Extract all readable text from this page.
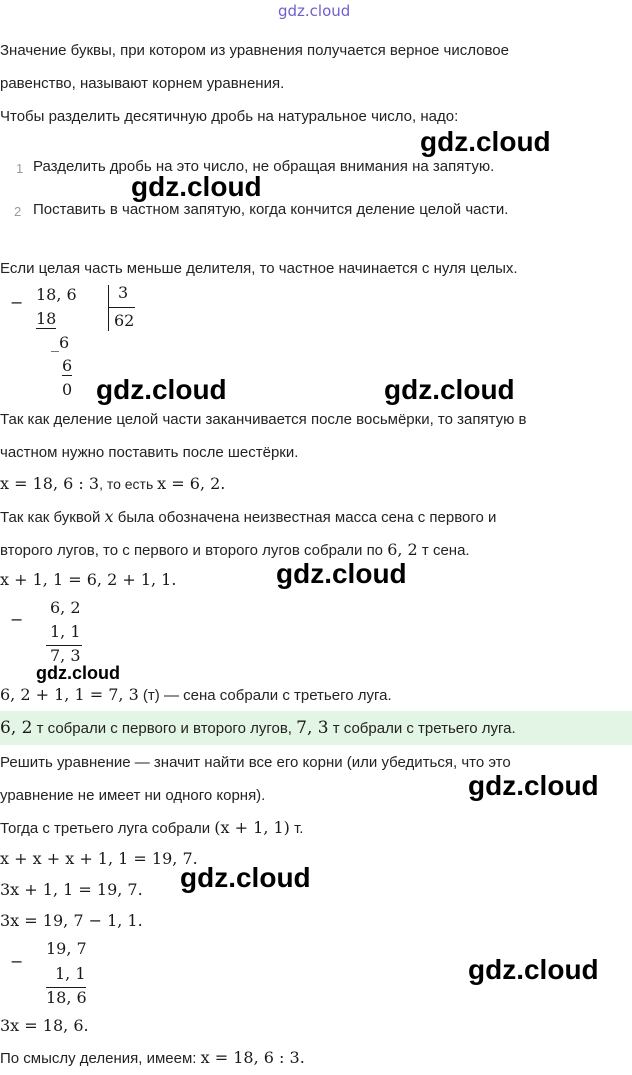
gdz.cloud
Значение буквы, при котором из уравнения получается верное числовое
равенство, называют корнем уравнения.
Чтобы разделить десятичную дробь на натуральное число, надо:
1 Разделить дробь на это число, не обращая внимания на запятую.
2 Поставить в частном запятую, когда кончится деление целой части.
Если целая часть меньше делителя, то частное начинается с нуля целых.
− 18, 6
18
3
62
_6
6
0
Так как деление целой части заканчивается после восьмёрки, то запятую в
частном нужно поставить после шестёрки.
x = 18, 6 : 3, то есть x = 6, 2.
Так как буквой x была обозначена неизвестная масса сена с первого и
второго лугов, то с первого и второго лугов собрали по 6, 2 т сена.
x + 1, 1 = 6, 2 + 1, 1.
−
6, 2
1, 1
7, 3
6, 2 + 1, 1 = 7, 3 (т) — сена собрали с третьего луга.
6, 2 т собрали с первого и второго лугов, 7, 3 т собрали с третьего луга.
Решить уравнение — значит найти все его корни (или убедиться, что это
уравнение не имеет ни одного корня).
Тогда с третьего луга собрали (x + 1, 1) т.
x + x + x + 1, 1 = 19, 7.
3x + 1, 1 = 19, 7.
3x = 19, 7 − 1, 1.
−
19, 7
1, 1
18, 6
3x = 18, 6.
По смыслу деления, имеем: x = 18, 6 : 3.
gdz.cloud
gdz.cloud
gdz.cloud	gdz.cloud
gdz.cloud
gdz.cloud
gdz.cloud
gdz.cloud
gdz.cloud
